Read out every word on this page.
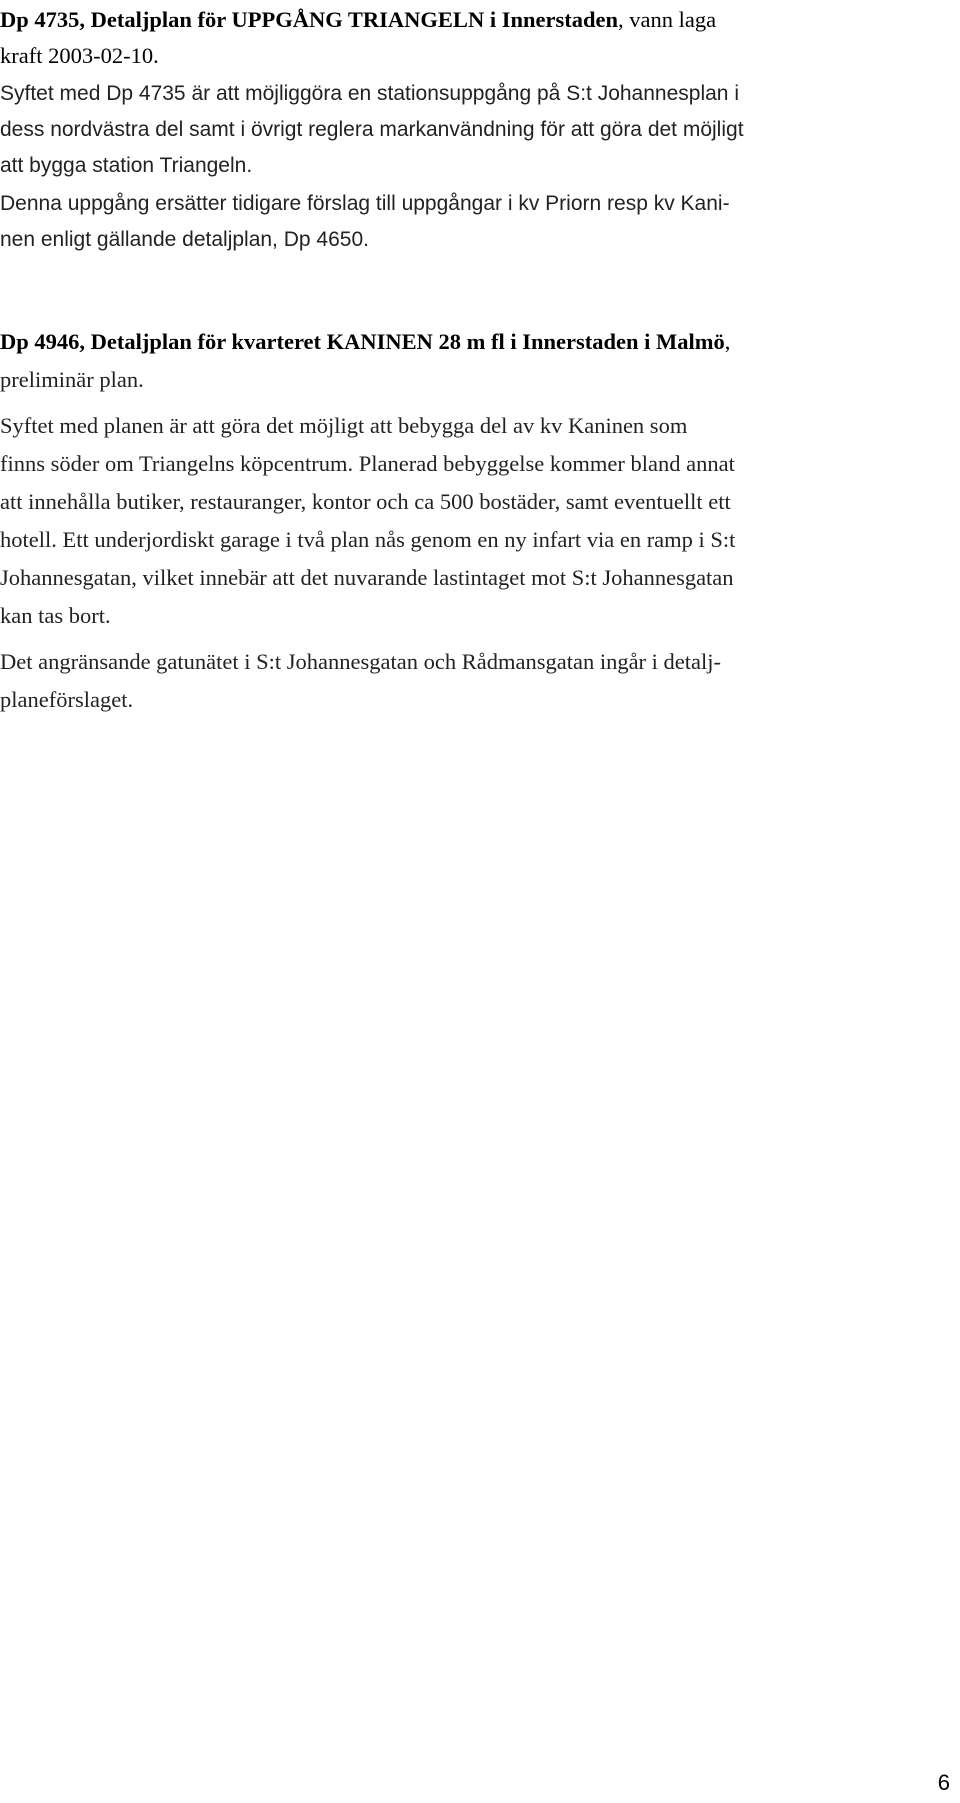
Dp 4735, Detaljplan för UPPGÅNG TRIANGELN i Innerstaden, vann laga
kraft 2003-02-10.

Syftet med Dp 4735 är att möjliggöra en stationsuppgång på S:t Johannesplan i
dess nordvästra del samt i övrigt reglera markanvändning för att göra det möjligt
att bygga station Triangeln.

Denna uppgång ersätter tidigare förslag till uppgångar i kv Priorn resp kv Kani-
nen enligt gällande detaljplan, Dp 4650.

Dp 4946, Detaljplan för kvarteret KANINEN 28 m fl i Innerstaden i Malmö,
preliminär plan.

Syftet med planen är att göra det möjligt att bebygga del av kv Kaninen som
finns söder om Triangelns köpcentrum. Planerad bebyggelse kommer bland annat
att innehålla butiker, restauranger, kontor och ca 500 bostäder, samt eventuellt ett
hotell. Ett underjordiskt garage i två plan nås genom en ny infart via en ramp i S:t
Johannesgatan, vilket innebär att det nuvarande lastintaget mot S:t Johannesgatan
kan tas bort.

Det angränsande gatunätet i S:t Johannesgatan och Rådmansgatan ingår i detalj-
planeförslaget.

6
